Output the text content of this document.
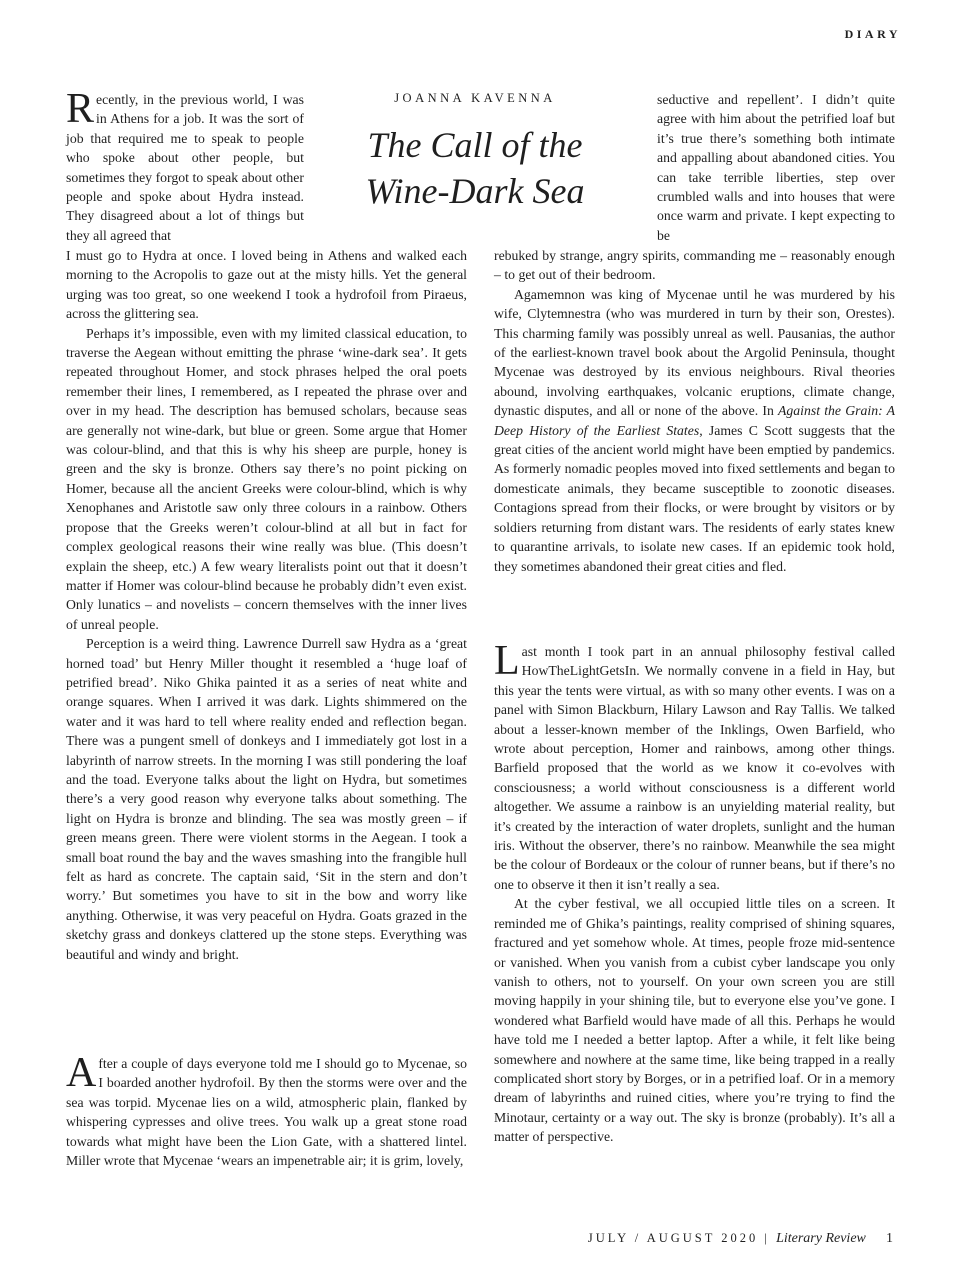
DIARY
JOANNA KAVENNA
The Call of the
Wine-Dark Sea

Recently, in the previous world, I was in Athens for a job. It was the sort of job that required me to speak to people who spoke about other people, but sometimes they forgot to speak about other people and spoke about Hydra instead. They disagreed about a lot of things but they all agreed that

I must go to Hydra at once. I loved being in Athens and walked each morning to the Acropolis to gaze out at the misty hills. Yet the general urging was too great, so one weekend I took a hydrofoil from Piraeus, across the glittering sea.

Perhaps it’s impossible, even with my limited classical education, to traverse the Aegean without emitting the phrase ‘wine-dark sea’. It gets repeated throughout Homer, and stock phrases helped the oral poets remember their lines, I remembered, as I repeated the phrase over and over in my head. The description has bemused scholars, because seas are generally not wine-dark, but blue or green. Some argue that Homer was colour-blind, and that this is why his sheep are purple, honey is green and the sky is bronze. Others say there’s no point picking on Homer, because all the ancient Greeks were colour-blind, which is why Xenophanes and Aristotle saw only three colours in a rainbow. Others propose that the Greeks weren’t colour-blind at all but in fact for complex geological reasons their wine really was blue. (This doesn’t explain the sheep, etc.) A few weary literalists point out that it doesn’t matter if Homer was colour-blind because he probably didn’t even exist. Only lunatics – and novelists – concern themselves with the inner lives of unreal people.

Perception is a weird thing. Lawrence Durrell saw Hydra as a ‘great horned toad’ but Henry Miller thought it resembled a ‘huge loaf of petrified bread’. Niko Ghika painted it as a series of neat white and orange squares. When I arrived it was dark. Lights shimmered on the water and it was hard to tell where reality ended and reflection began. There was a pungent smell of donkeys and I immediately got lost in a labyrinth of narrow streets. In the morning I was still pondering the loaf and the toad. Everyone talks about the light on Hydra, but sometimes there’s a very good reason why everyone talks about something. The light on Hydra is bronze and blinding. The sea was mostly green – if green means green. There were violent storms in the Aegean. I took a small boat round the bay and the waves smashing into the frangible hull felt as hard as concrete. The captain said, ‘Sit in the stern and don’t worry.’ But sometimes you have to sit in the bow and worry like anything. Otherwise, it was very peaceful on Hydra. Goats grazed in the sketchy grass and donkeys clattered up the stone steps. Everything was beautiful and windy and bright.

After a couple of days everyone told me I should go to Mycenae, so I boarded another hydrofoil. By then the storms were over and the sea was torpid. Mycenae lies on a wild, atmospheric plain, flanked by whispering cypresses and olive trees. You walk up a great stone road towards what might have been the Lion Gate, with a shattered lintel. Miller wrote that Mycenae ‘wears an impenetrable air; it is grim, lovely,

seductive and repellent’. I didn’t quite agree with him about the petrified loaf but it’s true there’s something both intimate and appalling about abandoned cities. You can take terrible liberties, step over crumbled walls and into houses that were once warm and private. I kept expecting to be

rebuked by strange, angry spirits, commanding me – reasonably enough – to get out of their bedroom.

Agamemnon was king of Mycenae until he was murdered by his wife, Clytemnestra (who was murdered in turn by their son, Orestes). This charming family was possibly unreal as well. Pausanias, the author of the earliest-known travel book about the Argolid Peninsula, thought Mycenae was destroyed by its envious neighbours. Rival theories abound, involving earthquakes, volcanic eruptions, climate change, dynastic disputes, and all or none of the above. In Against the Grain: A Deep History of the Earliest States, James C Scott suggests that the great cities of the ancient world might have been emptied by pandemics. As formerly nomadic peoples moved into fixed settlements and began to domesticate animals, they became susceptible to zoonotic diseases. Contagions spread from their flocks, or were brought by visitors or by soldiers returning from distant wars. The residents of early states knew to quarantine arrivals, to isolate new cases. If an epidemic took hold, they sometimes abandoned their great cities and fled.

Last month I took part in an annual philosophy festival called HowTheLightGetsIn. We normally convene in a field in Hay, but this year the tents were virtual, as with so many other events. I was on a panel with Simon Blackburn, Hilary Lawson and Ray Tallis. We talked about a lesser-known member of the Inklings, Owen Barfield, who wrote about perception, Homer and rainbows, among other things. Barfield proposed that the world as we know it co-evolves with consciousness; a world without consciousness is a different world altogether. We assume a rainbow is an unyielding material reality, but it’s created by the interaction of water droplets, sunlight and the human iris. Without the observer, there’s no rainbow. Meanwhile the sea might be the colour of Bordeaux or the colour of runner beans, but if there’s no one to observe it then it isn’t really a sea.

At the cyber festival, we all occupied little tiles on a screen. It reminded me of Ghika’s paintings, reality comprised of shining squares, fractured and yet somehow whole. At times, people froze mid-sentence or vanished. When you vanish from a cubist cyber landscape you only vanish to others, not to yourself. On your own screen you are still moving happily in your shining tile, but to everyone else you’ve gone. I wondered what Barfield would have made of all this. Perhaps he would have told me I needed a better laptop. After a while, it felt like being somewhere and nowhere at the same time, like being trapped in a really complicated short story by Borges, or in a petrified loaf. Or in a memory dream of labyrinths and ruined cities, where you’re trying to find the Minotaur, certainty or a way out. The sky is bronze (probably). It’s all a matter of perspective.

JULY / AUGUST 2020 | Literary Review 1
